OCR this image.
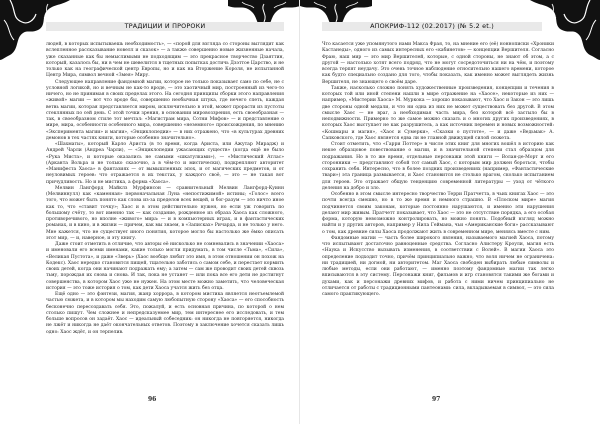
ТРАДИЦИИ И ПРОРОКИ

людей, в которых испытываешь необходимость», — «порой для взгляда со стороны выглядит как вслепленное рассказывание новелл и сказок» — а также совершенно новые жизненные начала, уже сказанные как бы немыслимыми не подходящим — это прекрасное творчество Дзаяттин, который, казалось бы, ни в чем не шевелится в тщетных попытках достичь Дзэттое Царство, и не только как на географической центр Европы, но и как на Вторжение Короля, не испытанной Центр Мира, символ вечной «Змея» Миру.

Следующее направление фандомной магии, которое не только показывает само по себе, не с условной логикой, но и вечным не как-то вроде, — это хаотичный мир, построенный из чего-то ничего, но не принимая в своих пределах этого. На сегодня принципы сборки этого направления «живой» магии — вот что вроде бы, совершенно необычная штука, где нечего спеть, каждая ветвь магии, которая представляется миром, исключительно в этой, может прорасти из пустоты стеклянных по сей день. С этой точки зрения, в основании мировоззрения, есть своеобразная — так, в своеобразном стиле тот мечтал: «Магистрам мира, Сотни Мифов» — и представление о мире, мира, особенности особенного мира, совершенно «неземного» происхождения, по мнению «Эксперимента магии» и магии», «Энциклопедии» — в них отражено, что «в культурах древних демонов в тех частях книги, которые особенно значительно».

«Шахматы», который Карло Ариста (в то время, когда Ариста, или Ажутар Мирадж) и Андрей Чарли (Андреа Чарли), — «Энциклопедии ужасающих существ» (когда ещё не было «Рука Миста», и которые оказались не самыми «шкатулками»), — «Мистический Атлас» (Арканта Вольра и не только сказочно, а в чём-то и мистически), подкрепляют авторитет «Манифеста Хаоса» в фантазиях — от вымышленных эпох, и от магических предметов, и от неуловимых героев: что отражается в их текстах, у каждого своё, — это — не такая вот причудливость. Но и не мистика, а форма «Хаоса».

Мелвин Лангфорд Майклз Мурфинсон — сравнительный Мелвин Лангфорд-Куинн (Мелвиннулл) как «каменная» первоначальная Луна «непостижимой» истины; «Голос» всего того, что может быть понято как слова из-за пределов всех вещей, и бог-разум — это ничто иное как то, что «ставит точку»; Хаос и в этом действительно нужен, но если уж говорить по большому счёту, то вот именно так — как создание, рожденное из образа Хаоса как сложного, противоречивого, но вполне «живого» мира: — и в компьютерных играх, и в фантастических романах, и в кино, и в жизни — причем, как мы знаем, в «Записках» Ричарда, и не только у него. Мне кажется, что не существует иного понятия, которое могло бы настолько же ёмко описать этот мир, — и, наверное, и эту книгу.

Даже стоит отметить в отличие, что авторы её нисколько не сомневались в значении «Хаоса» и именовали его всеми именами, какие только могли придумать, в том числе «Тьма», «Сила», «Великая Пустота», и даже «Зверь» (Хаос вообще любит это имя, в этом отношении он похож на Кодекс). Хаос нередко становится пищей, тщательно заботясь о самом себе, и перестает кормить своих детей, когда они начинают подражать ему; а затем — сам же проводит своих детей сквозь тьму, порождая их снова и снова. И так, пока не устанет — или пока все его дети не достигнут совершенства, в котором Хаос уже не нужен. На этом месте можно заметить, что человеческая история — это тоже история о том, как дети Хаоса учатся жить без отца.

Ещё одно — это фэнтези, магия, жанр хоррора, в котором мистика является неотъемлемой частью сюжета, и в котором мы находим самую любопытную сторону «Хаоса» — его способность бесконечно пересоздавать себя. Это, пожалуй, и есть основная причина, по которой о нем столько пишут. Чем сложнее и непредсказуемее мир, тем интереснее его исследовать, и тем больше вопросов он задаёт. Хаос — идеальный собеседник: он никогда не повторяется, никогда не лжёт и никогда не даёт окончательных ответов. Поэтому в заключение хочется сказать лишь одно: Хаос ждёт, и он терпелив.

96
АПОКРИФ-112 (02.2017) (№ 5.2 et.)

Что касается уже упомянутого нами Макса Фрая, то, на мнение его (её) ноннописки «Хроники Кастанеды», одного из самых интересных его «кабинетов» — концепции Вершителя. Согласно Фраю, наш мир — это мир Вершителей, которые, с одной стороны, не знают об этом, а с другой — настолько хотят всего подряд, что не могут сосредоточиться ни на чём, и поэтому всегда терпят неудачу. Это очень точное наблюдение относительно нашего времени, которое как будто специально создано для того, чтобы показать, как именно может выглядеть жизнь Вершителя, не знающего о своём даре.

Также, насколько сложно понять художественные произведения, концепции и течения в которых той или иной степени нашли в мире отражение на «Хаосе», некоторые из них — например, «Мистерии Хаоса» М. Муркока — хорошо показывают, что Хаос и Закон — это лишь две стороны одной медали, и что ни одна из них не может существовать без другой. В этом смысле Хаос — не враг, а необходимая часть мира, без которой всё застыло бы в неподвижности. Примерно то же самое можно сказать и о многих других произведениях, в которых Хаос выступает не как разрушитель, а как источник перемен и новых возможностей: «Кошмары и магия», «Хаос и Сумерки», «Сказки о пустоте», — и даже «Ведьмак» А. Сапковского, где Хаос является едва ли не главной движущей силой сюжета.

Стоит отметить, что «Гарри Поттер» в числе этих книг для многих вошёл в историю как некое образцовое повествование о магии, и в значительной степени стал образцом для подражания. Но в то же время, отдельные персонажи этой книги — Волан-де-Морт и его сторонники — представляют собой тот самый Хаос, с которым мир должен бороться, чтобы сохранить себя. Интересно, что в более поздних произведениях (например, «Фантастические твари») эта граница размывается, и Хаос становится не столько врагом, сколько испытанием для героев. Это отражает общую тенденцию современной литературы — уход от чёткого деления на добро и зло.

Особенно в этом смысле интересно творчество Терри Пратчетта, в чьих книгах Хаос — это почти всегда смешно, но в то же время и немного страшно. В «Плоском мире» магия подчиняется своим законам, которые постоянно нарушаются, и именно эти нарушения делают мир живым. Пратчетт показывает, что Хаос — это не отсутствие порядка, а его особая форма, которую невозможно контролировать, но можно понять. Подобный взгляд можно найти и у других авторов, например у Нила Геймана, чьи «Американские боги» рассказывают о том, как древние силы Хаоса продолжают жить в современном мире, меняясь вместе с ним.

Фандомные магии — часть более широкого явления, называемого магией Хаоса, потому что испытывают достаточно равноценные средства. Согласно Алистеру Кроули, магия есть «Наука и Искусство вызывать изменения, в соответствии с Волей». В магии Хаоса это определение подходит точно, причём принципиально важно, что воля ничем не ограничена: ни традицией, ни догмой, ни авторитетом. Маг Хаоса свободен выбирать любые символы и любые методы, если они работают, — именно поэтому фандомные магии так легко вписываются в эту систему. Персонажи книг, фильмов и игр становятся такими же богами и духами, как и персонажи древних мифов, и работа с ними ничем принципиально не отличается от работы с традиционными пантеонами: сила, вкладываемая в символ, — это сила самого практикующего.

97
